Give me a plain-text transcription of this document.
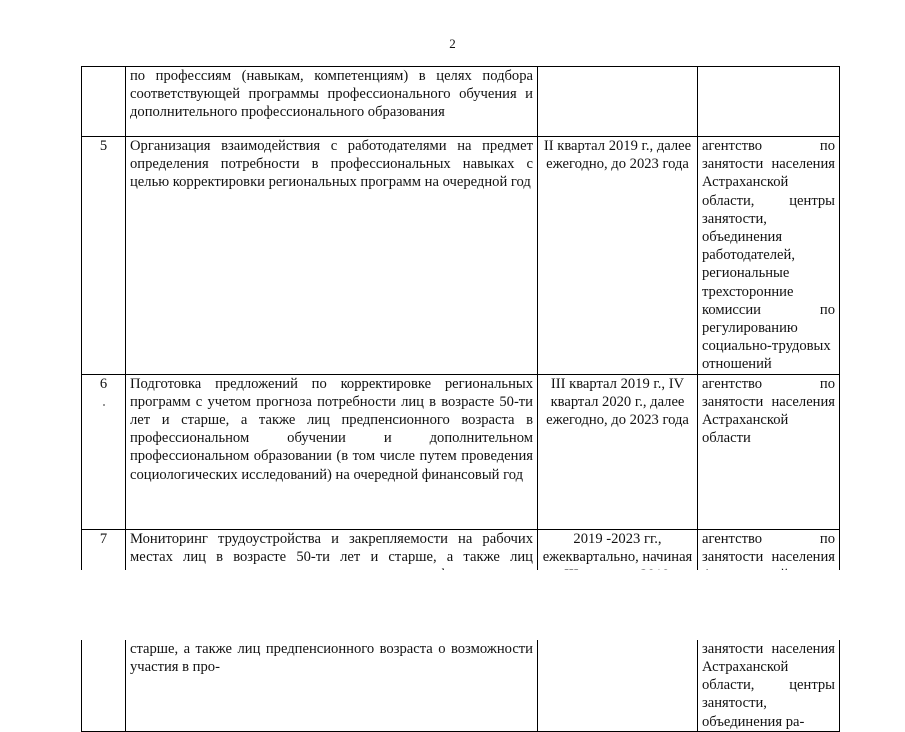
2
	по профессиям (навыкам, компетенциям) в целях подбора соответствующей программы профессионального обучения и дополнительного профессионального образования		
5	Организация взаимодействия с работодателями на предмет определения потребности в профессиональных навыках с целью корректировки региональных программ на очередной год	II квартал 2019 г., далее ежегодно, до 2023 года	агентство по занятости населения Астраханской области, центры занятости, объединения работодателей, региональные трехсторонние комиссии по регулированию социально-трудовых отношений
6	Подготовка предложений по корректировке региональных программ с учетом прогноза потребности лиц в возрасте 50-ти лет и старше, а также лиц предпенсионного возраста в профессиональном обучении и дополнительном профессиональном образовании (в том числе путем проведения социологических исследований) на очередной финансовый год	III квартал 2019 г., IV квартал 2020 г., далее ежегодно, до 2023 года	агентство по занятости населения Астраханской области
7	Мониторинг трудоустройства и закрепляемости на рабочих местах лиц в возрасте 50-ти лет и старше, а также лиц	2019 -2023 гг., ежеквартально, начиная	агентство по занятости населения
	старше, а также лиц предпенсионного возраста о возможности участия в про-		занятости населения Астраханской области, центры занятости, объединения ра-
